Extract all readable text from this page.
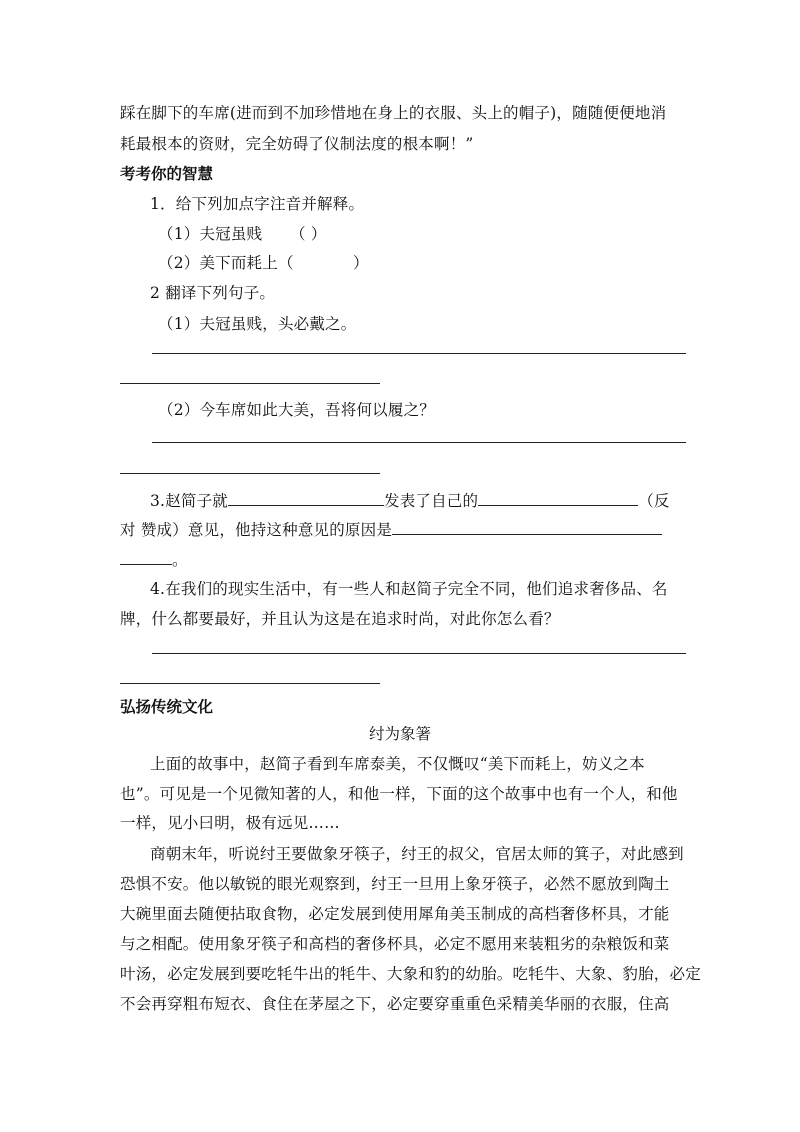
踩在脚下的车席(进而到不加珍惜地在身上的衣服、头上的帽子)，随随便便地消
耗最根本的资财，完全妨碍了仪制法度的根本啊！”
考考你的智慧
1．给下列加点字注音并解释。
（1）夫冠虽贱 （ ）
（2）美下而耗上（	）
2 翻译下列句子。
（1）夫冠虽贱，头必戴之。
（2）今车席如此大美，吾将何以履之？
3.赵简子就	发表了自己的	（反
对 赞成）意见，他持这种意见的原因是
。
4.在我们的现实生活中，有一些人和赵简子完全不同，他们追求奢侈品、名
牌，什么都要最好，并且认为这是在追求时尚，对此你怎么看？
弘扬传统文化
纣为象箸
上面的故事中，赵简子看到车席泰美，不仅慨叹“美下而耗上，妨义之本
也”。可见是一个见微知著的人，和他一样，下面的这个故事中也有一个人，和他
一样，见小曰明，极有远见……
商朝末年，听说纣王要做象牙筷子，纣王的叔父，官居太师的箕子，对此感到
恐惧不安。他以敏锐的眼光观察到，纣王一旦用上象牙筷子，必然不愿放到陶土
大碗里面去随便拈取食物，必定发展到使用犀角美玉制成的高档奢侈杯具，才能
与之相配。使用象牙筷子和高档的奢侈杯具，必定不愿用来装粗劣的杂粮饭和菜
叶汤，必定发展到要吃牦牛出的牦牛、大象和豹的幼胎。吃牦牛、大象、豹胎，必定
不会再穿粗布短衣、食住在茅屋之下，必定要穿重重色采精美华丽的衣服，住高
